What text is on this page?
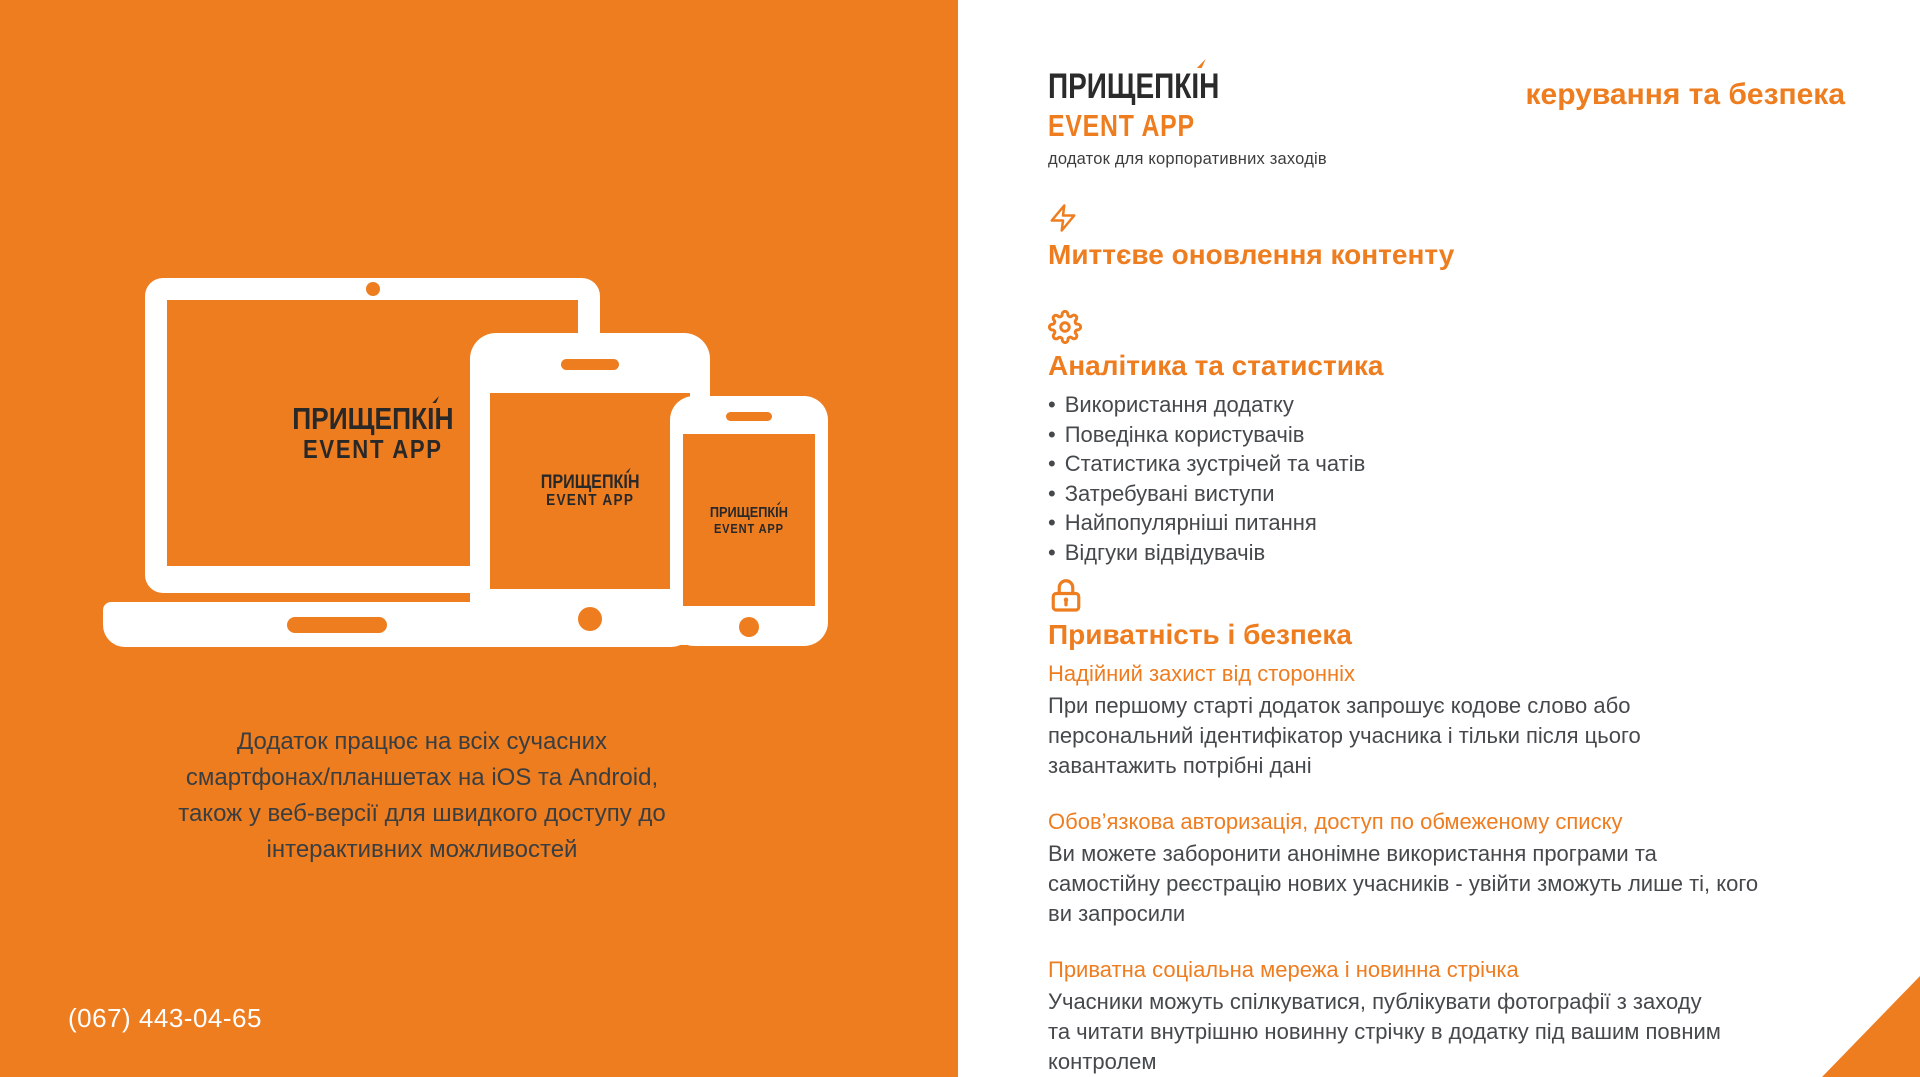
ПРИЩЕПКІН
EVENT APP
ПРИЩЕПКІН
EVENT APP
ПРИЩЕПКІН
EVENT APP
Додаток працює на всіх сучасних смартфонах/планшетах на iOS та Android, також у веб-версії для швидкого доступу до інтерактивних можливостей
(067) 443-04-65
ПРИЩЕПКІН
EVENT APP
додаток для корпоративних заходів
керування та безпека
Миттєве оновлення контенту
Аналітика та статистика
• Використання додатку
• Поведінка користувачів
• Статистика зустрічей та чатів
• Затребувані виступи
• Найпопулярніші питання
• Відгуки відвідувачів
Приватність і безпека
Надійний захист від сторонніх
При першому старті додаток запрошує кодове слово або персональний ідентифікатор учасника і тільки після цього завантажить потрібні дані
Обов’язкова авторизація, доступ по обмеженому списку
Ви можете заборонити анонімне використання програми та самостійну реєстрацію нових учасників - увійти зможуть лише ті, кого ви запросили
Приватна соціальна мережа і новинна стрічка
Учасники можуть спілкуватися, публікувати фотографії з заходу та читати внутрішню новинну стрічку в додатку під вашим повним контролем
